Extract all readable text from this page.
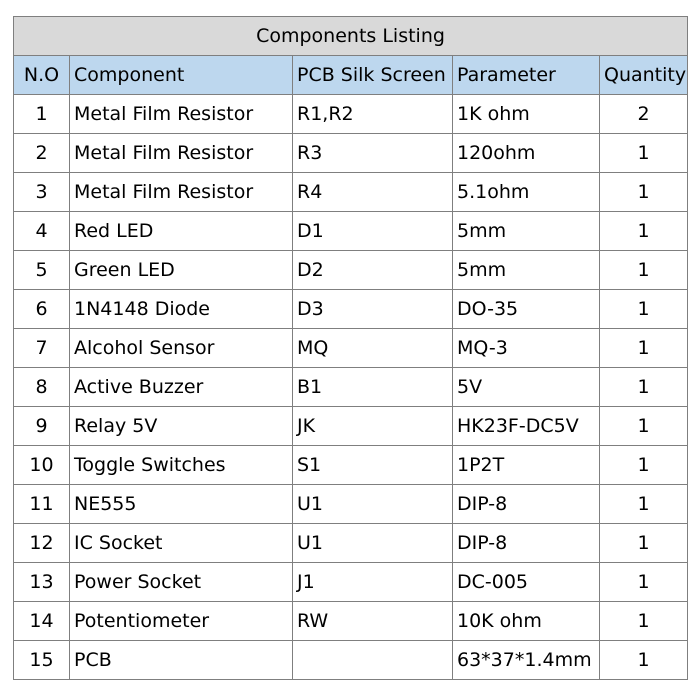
Components Listing				
N.O	Component	PCB Silk Screen	Parameter	Quantity
1	Metal Film Resistor	R1,R2	1K ohm	2
2	Metal Film Resistor	R3	120ohm	1
3	Metal Film Resistor	R4	5.1ohm	1
4	Red LED	D1	5mm	1
5	Green LED	D2	5mm	1
6	1N4148 Diode	D3	DO-35	1
7	Alcohol Sensor	MQ	MQ-3	1
8	Active Buzzer	B1	5V	1
9	Relay 5V	JK	HK23F-DC5V	1
10	Toggle Switches	S1	1P2T	1
11	NE555	U1	DIP-8	1
12	IC Socket	U1	DIP-8	1
13	Power Socket	J1	DC-005	1
14	Potentiometer	RW	10K ohm	1
15	PCB		63*37*1.4mm	1
